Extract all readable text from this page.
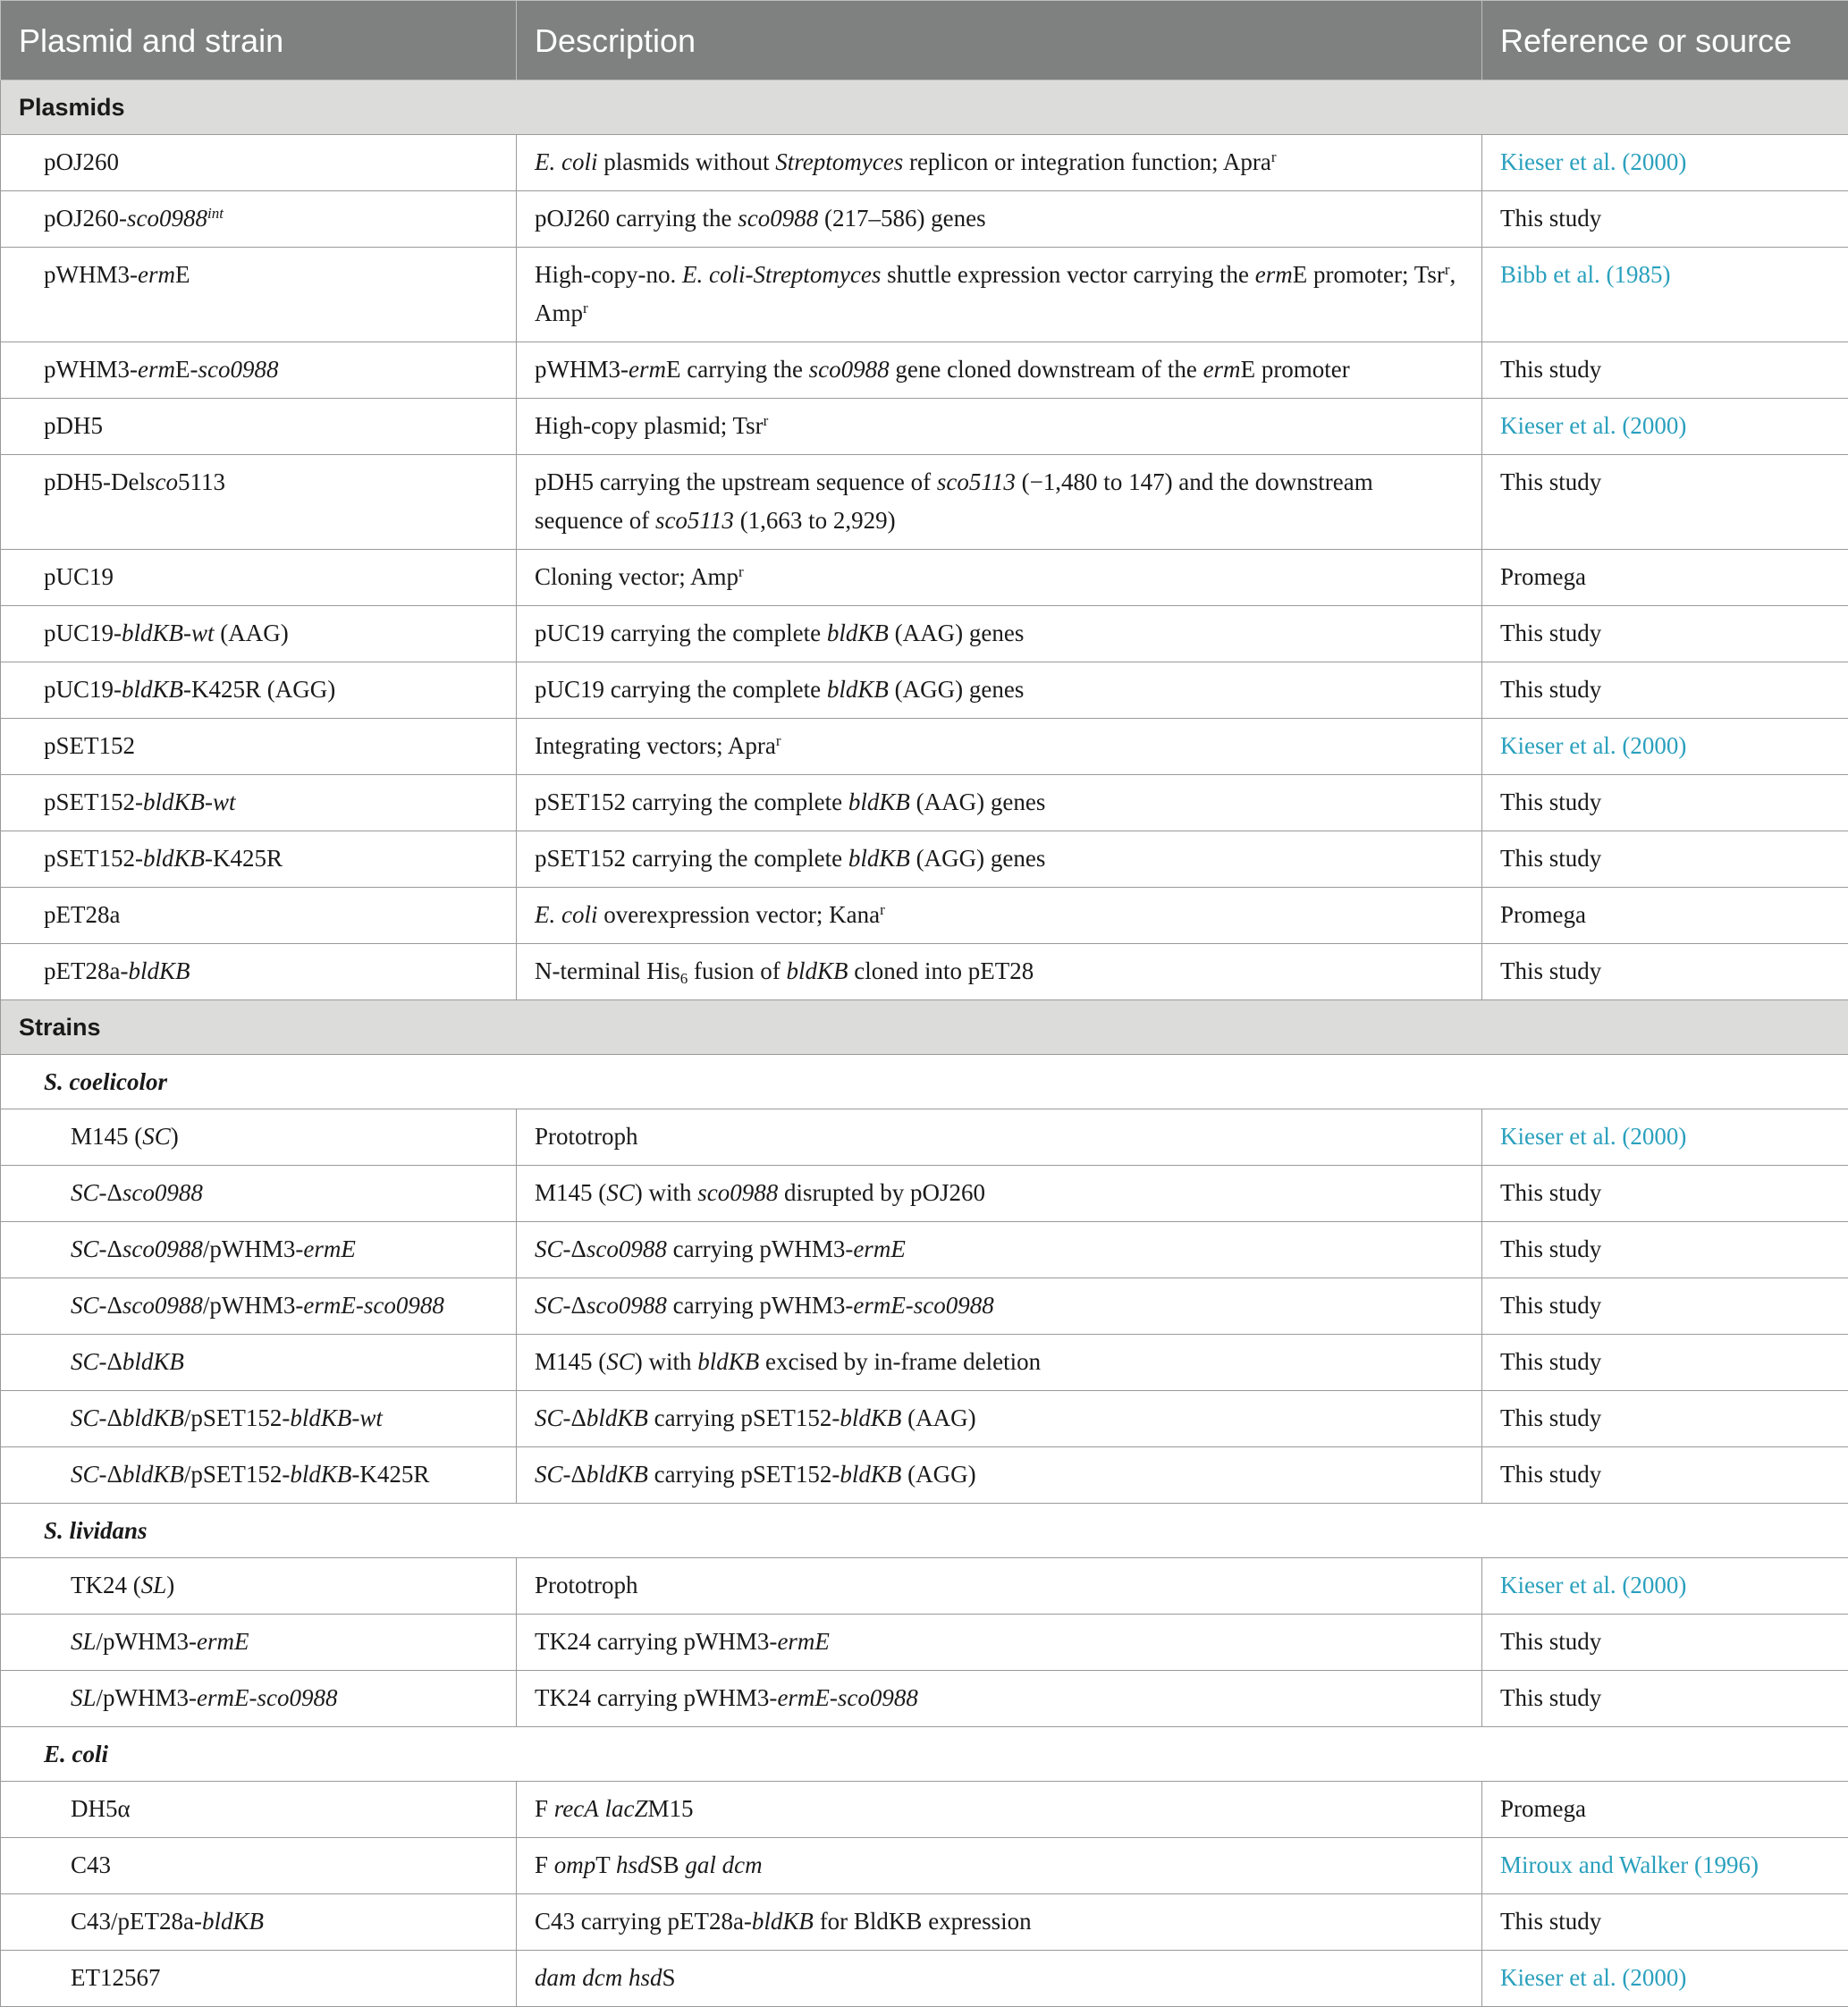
Plasmid and strain	Description	Reference or source
Plasmids		
pOJ260	E. coli plasmids without Streptomyces replicon or integration function; Apra$^r$	Kieser et al. (2000)
$pOJ260-sco0988^{int}$	pOJ260 carrying the sco0988 (217–586) genes	This study
pWHM3-ermE	High-copy-no. E. coli-Streptomyces shuttle expression vector carrying the ermE promoter; Tsr$^r$, Amp$^r$	Bibb et al. (1985)
pWHM3-ermE-sco0988	pWHM3-ermE carrying the sco0988 gene cloned downstream of the ermE promoter	This study
pDH5	High-copy plasmid; Tsr$^r$	Kieser et al. (2000)
pDH5-Delsco5113	pDH5 carrying the upstream sequence of sco5113 (−1,480 to 147) and the downstream sequence of sco5113 (1,663 to 2,929)	This study
pUC19	Cloning vector; Amp$^r$	Promega
pUC19-bldKB-wt (AAG)	pUC19 carrying the complete bldKB (AAG) genes	This study
pUC19-bldKB-K425R (AGG)	pUC19 carrying the complete bldKB (AGG) genes	This study
pSET152	Integrating vectors; Apra$^r$	Kieser et al. (2000)
pSET152-bldKB-wt	pSET152 carrying the complete bldKB (AAG) genes	This study
pSET152-bldKB-K425R	pSET152 carrying the complete bldKB (AGG) genes	This study
pET28a	E. coli overexpression vector; Kana$^r$	Promega
pET28a-bldKB	N-terminal His$_6$ fusion of bldKB cloned into pET28	This study
Strains		
S. coelicolor		
M145 (SC)	Prototroph	Kieser et al. (2000)
SC-Δsco0988	M145 (SC) with sco0988 disrupted by pOJ260	This study
SC-Δsco0988/pWHM3-ermE	SC-Δsco0988 carrying pWHM3-ermE	This study
SC-Δsco0988/pWHM3-ermE-sco0988	SC-Δsco0988 carrying pWHM3-ermE-sco0988	This study
SC-ΔbldKB	M145 (SC) with bldKB excised by in-frame deletion	This study
SC-ΔbldKB/pSET152-bldKB-wt	SC-ΔbldKB carrying pSET152-bldKB (AAG)	This study
SC-ΔbldKB/pSET152-bldKB-K425R	SC-ΔbldKB carrying pSET152-bldKB (AGG)	This study
S. lividans		
TK24 (SL)	Prototroph	Kieser et al. (2000)
SL/pWHM3-ermE	TK24 carrying pWHM3-ermE	This study
SL/pWHM3-ermE-sco0988	TK24 carrying pWHM3-ermE-sco0988	This study
E. coli		
DH5α	F recA lacZM15	Promega
C43	F ompT hsdSB gal dcm	Miroux and Walker (1996)
C43/pET28a-bldKB	C43 carrying pET28a-bldKB for BldKB expression	This study
ET12567	dam dcm hsdS	Kieser et al. (2000)
